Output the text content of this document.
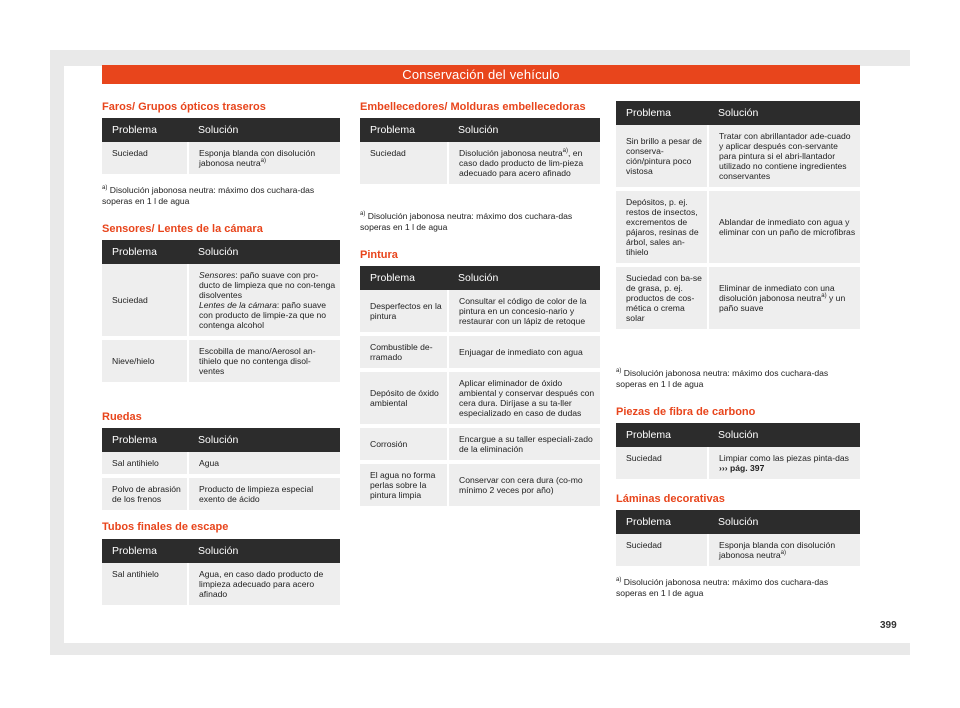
Conservación del vehículo
Faros/ Grupos ópticos traseros
Problema	Solución
Suciedad	Esponja blanda con disolución jabonosa neutra$^{a)}$
$^{a)}$ Disolución jabonosa neutra: máximo dos cuchara-das soperas en 1 l de agua
Sensores/ Lentes de la cámara
Problema	Solución
Suciedad	Sensores: paño suave con pro-ducto de limpieza que no con-tenga disolventes
Lentes de la cámara: paño suave con producto de limpie-za que no contenga alcohol
Nieve/hielo	Escobilla de mano/Aerosol an-tihielo que no contenga disol-ventes
Ruedas
Problema	Solución
Sal antihielo	Agua
Polvo de abrasión de los frenos	Producto de limpieza especial exento de ácido
Tubos finales de escape
Problema	Solución
Sal antihielo	Agua, en caso dado producto de limpieza adecuado para acero afinado
Embellecedores/ Molduras embellecedoras
Problema	Solución
Suciedad	Disolución jabonosa neutra$^{a)}$, en caso dado producto de lim-pieza adecuado para acero afinado
$^{a)}$ Disolución jabonosa neutra: máximo dos cuchara-das soperas en 1 l de agua
Pintura
Problema	Solución
Desperfectos en la pintura	Consultar el código de color de la pintura en un concesio-nario y restaurar con un lápiz de retoque
Combustible de-rramado	Enjuagar de inmediato con agua
Depósito de óxido ambiental	Aplicar eliminador de óxido ambiental y conservar después con cera dura. Diríjase a su ta-ller especializado en caso de dudas
Corrosión	Encargue a su taller especiali-zado de la eliminación
El agua no forma perlas sobre la pintura limpia	Conservar con cera dura (co-mo mínimo 2 veces por año)
Problema	Solución
Sin brillo a pesar de conserva-ción/pintura poco vistosa	Tratar con abrillantador ade-cuado y aplicar después con-servante para pintura si el abri-llantador utilizado no contiene ingredientes conservantes
Depósitos, p. ej. restos de insectos, excrementos de pájaros, resinas de árbol, sales an-tihielo	Ablandar de inmediato con agua y eliminar con un paño de microfibras
Suciedad con ba-se de grasa, p. ej. productos de cos-mética o crema solar	Eliminar de inmediato con una disolución jabonosa neutra$^{a)}$ y un paño suave
$^{a)}$ Disolución jabonosa neutra: máximo dos cuchara-das soperas en 1 l de agua
Piezas de fibra de carbono
Problema	Solución
Suciedad	Limpiar como las piezas pinta-das ››› pág. 397
Láminas decorativas
Problema	Solución
Suciedad	Esponja blanda con disolución jabonosa neutra$^{a)}$
$^{a)}$ Disolución jabonosa neutra: máximo dos cuchara-das soperas en 1 l de agua
399
